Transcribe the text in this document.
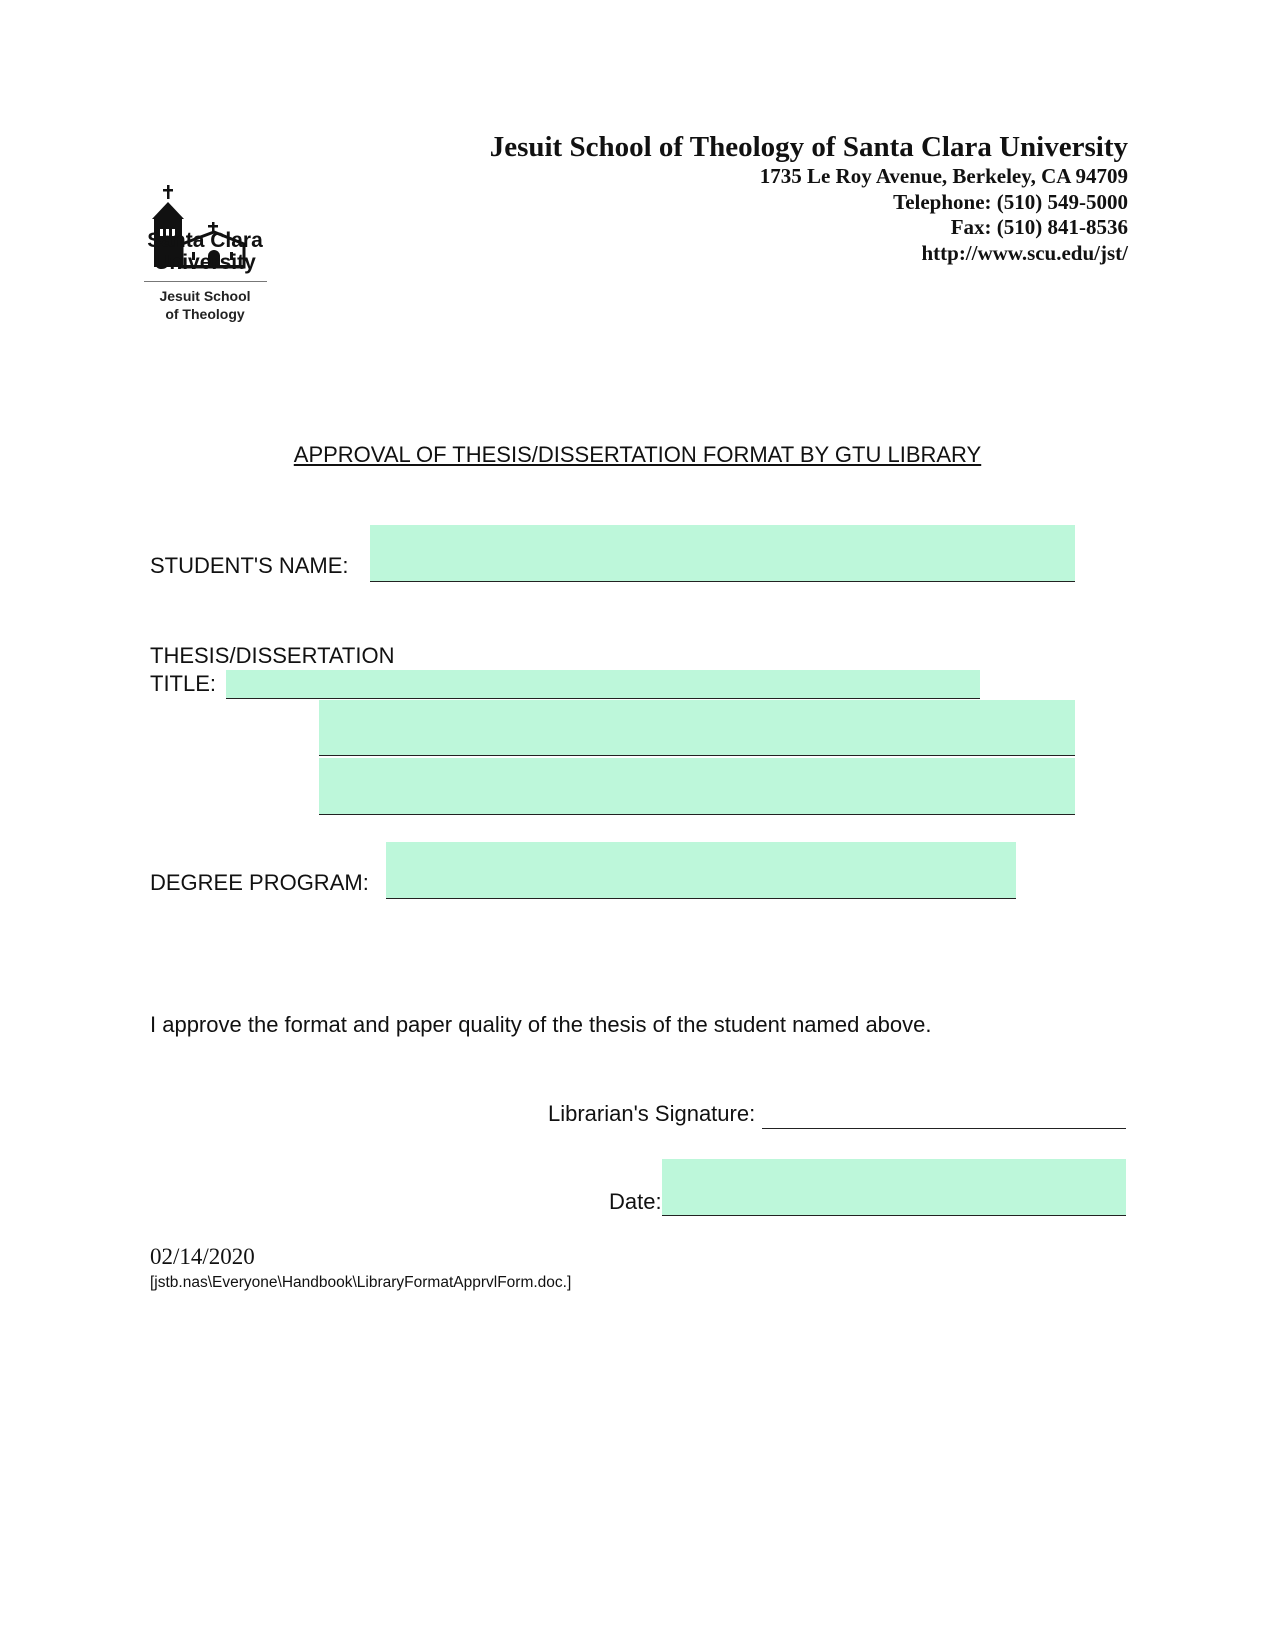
Santa Clara
University
Jesuit School
of Theology
Jesuit School of Theology of Santa Clara University
1735 Le Roy Avenue, Berkeley, CA 94709
Telephone: (510) 549-5000
Fax: (510) 841-8536
http://www.scu.edu/jst/
APPROVAL OF THESIS/DISSERTATION FORMAT BY GTU LIBRARY
STUDENT'S NAME:
THESIS/DISSERTATION
TITLE:
DEGREE PROGRAM:
I approve the format and paper quality of the thesis of the student named above.
Librarian's Signature:
Date:
02/14/2020
[jstb.nas\Everyone\Handbook\LibraryFormatApprvlForm.doc.]
